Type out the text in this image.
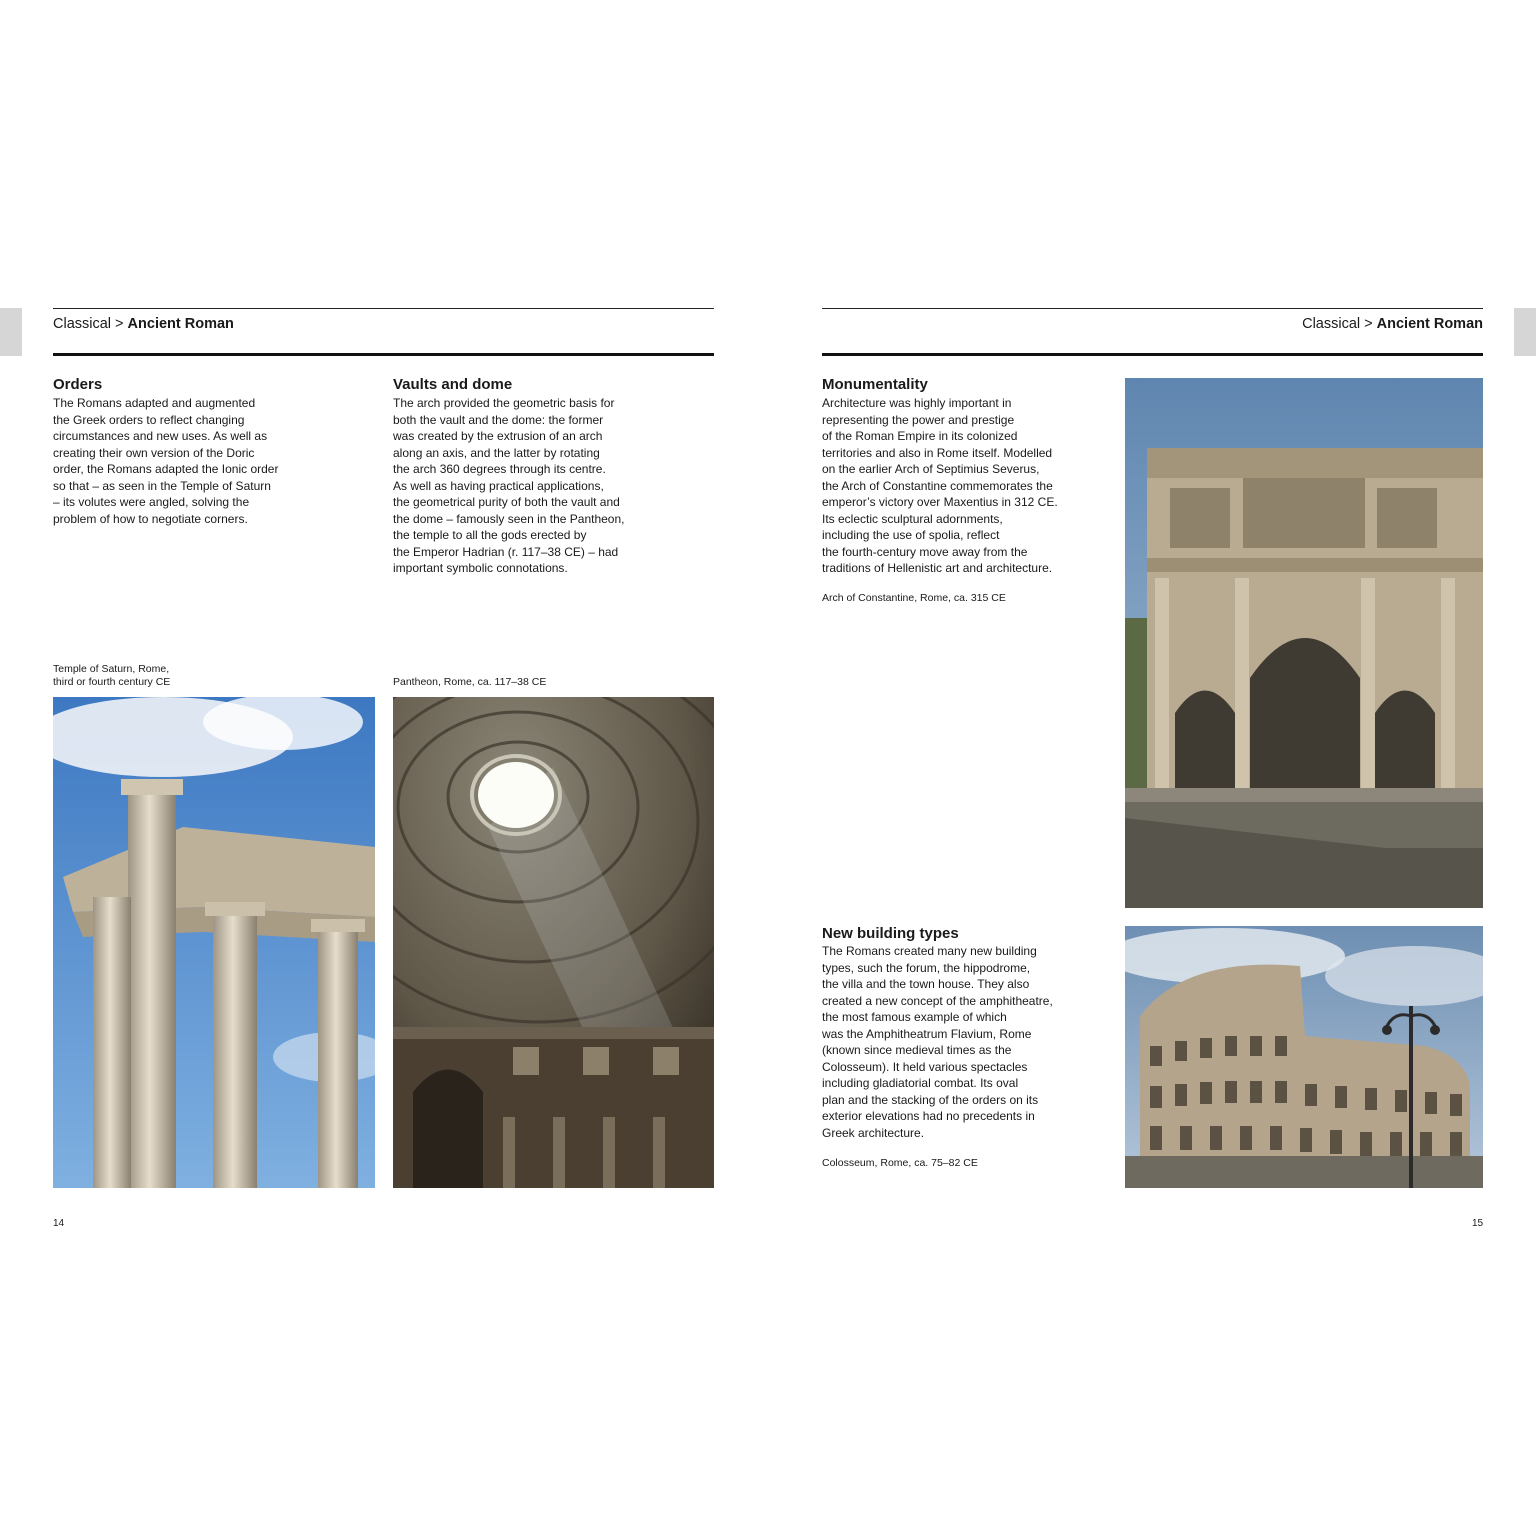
Classical > Ancient Roman
Orders
The Romans adapted and augmented
the Greek orders to reflect changing
circumstances and new uses. As well as
creating their own version of the Doric
order, the Romans adapted the Ionic order
so that – as seen in the Temple of Saturn
– its volutes were angled, solving the
problem of how to negotiate corners.
Vaults and dome
The arch provided the geometric basis for
both the vault and the dome: the former
was created by the extrusion of an arch
along an axis, and the latter by rotating
the arch 360 degrees through its centre.
As well as having practical applications,
the geometrical purity of both the vault and
the dome – famously seen in the Pantheon,
the temple to all the gods erected by
the Emperor Hadrian (r. 117–38 CE) – had
important symbolic connotations.
Temple of Saturn, Rome,
third or fourth century CE	Pantheon, Rome, ca. 117–38 CE
14
Classical > Ancient Roman
Monumentality
Architecture was highly important in
representing the power and prestige
of the Roman Empire in its colonized
territories and also in Rome itself. Modelled
on the earlier Arch of Septimius Severus,
the Arch of Constantine commemorates the
emperor’s victory over Maxentius in 312 CE.
Its eclectic sculptural adornments,
including the use of spolia, reflect
the fourth-century move away from the
traditions of Hellenistic art and architecture.
Arch of Constantine, Rome, ca. 315 CE
New building types
The Romans created many new building
types, such the forum, the hippodrome,
the villa and the town house. They also
created a new concept of the amphitheatre,
the most famous example of which
was the Amphitheatrum Flavium, Rome
(known since medieval times as the
Colosseum). It held various spectacles
including gladiatorial combat. Its oval
plan and the stacking of the orders on its
exterior elevations had no precedents in
Greek architecture.
Colosseum, Rome, ca. 75–82 CE
15
